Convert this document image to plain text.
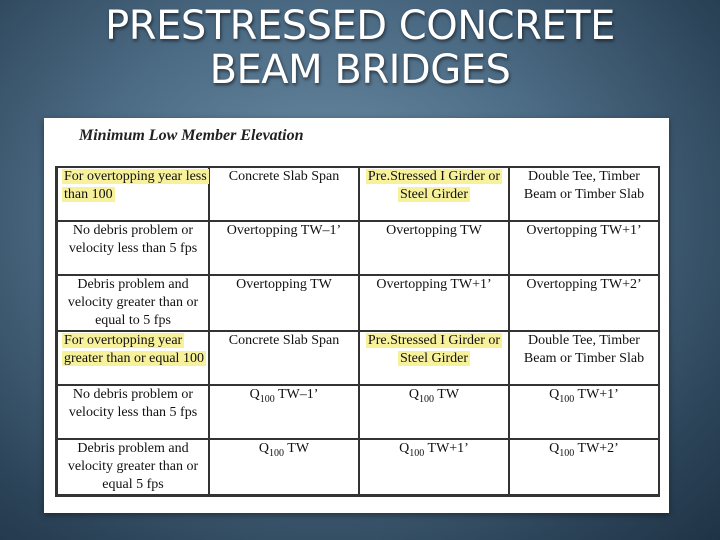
PRESTRESSED CONCRETE
BEAM BRIDGES
Minimum Low Member Elevation
For overtopping year less than 100	Concrete Slab Span	Pre.Stressed I Girder or Steel Girder	Double Tee, Timber Beam or Timber Slab
No debris problem or velocity less than 5 fps	Overtopping TW–1’	Overtopping TW	Overtopping TW+1’
Debris problem and velocity greater than or equal to 5 fps	Overtopping TW	Overtopping TW+1’	Overtopping TW+2’
For overtopping year greater than or equal 100	Concrete Slab Span	Pre.Stressed I Girder or Steel Girder	Double Tee, Timber Beam or Timber Slab
No debris problem or velocity less than 5 fps	$Q_{100}$ TW–1’	$Q_{100}$ TW	$Q_{100}$ TW+1’
Debris problem and velocity greater than or equal 5 fps	$Q_{100}$ TW	$Q_{100}$ TW+1’	$Q_{100}$ TW+2’
